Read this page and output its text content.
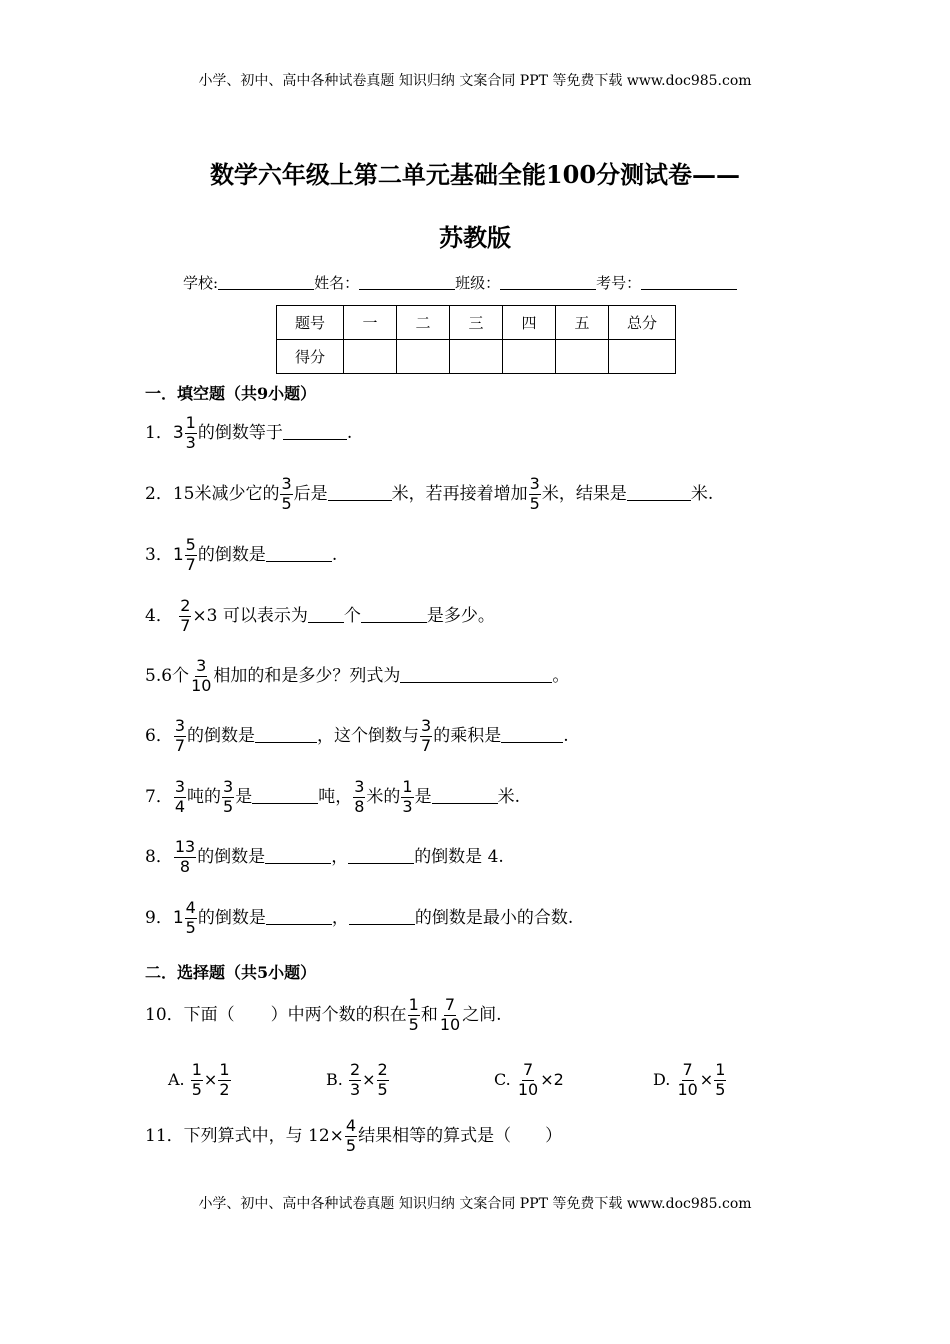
小学、初中、高中各种试卷真题 知识归纳 文案合同 PPT 等免费下载 www.doc985.com
数学六年级上第二单元基础全能100分测试卷——
苏教版
学校:	姓名：	班级：	考号：
题号	一	二	三	四	五	总分
得分						
一．填空题（共9小题）
1．$3 \frac{1}{3}$ 的倒数等于	.
2．15米减少它的 $\frac{3}{5}$ 后是	米，若再接着增加 $\frac{3}{5}$ 米，结果是	米.
3．$1 \frac{5}{7}$ 的倒数是	.
4． $\frac{2}{7} \times 3$ 可以表示为 个	是多少。
5.6个 $\frac{3}{10}$ 相加的和是多少？列式为	。
6． $\frac{3}{7}$ 的倒数是	，这个倒数与 $\frac{3}{7}$ 的乘积是	.
7． $\frac{3}{4}$ 吨的 $\frac{3}{5}$ 是	吨， $\frac{3}{8}$ 米的 $\frac{1}{3}$ 是	米.
8． $\frac{13}{8}$ 的倒数是	，	的倒数是 4.
9．$1 \frac{4}{5}$ 的倒数是	，	的倒数是最小的合数.
二．选择题（共5小题）
10．下面（ ）中两个数的积在 $\frac{1}{5}$ 和 $\frac{7}{10}$ 之间.
A. $\frac{1}{5} \times \frac{1}{2}$	B. $\frac{2}{3} \times \frac{2}{5}$	C. $\frac{7}{10} \times 2$	D. $\frac{7}{10} \times \frac{1}{5}$
11．下列算式中，与 $12\times \frac{4}{5}$ 结果相等的算式是（ ）
小学、初中、高中各种试卷真题 知识归纳 文案合同 PPT 等免费下载 www.doc985.com
